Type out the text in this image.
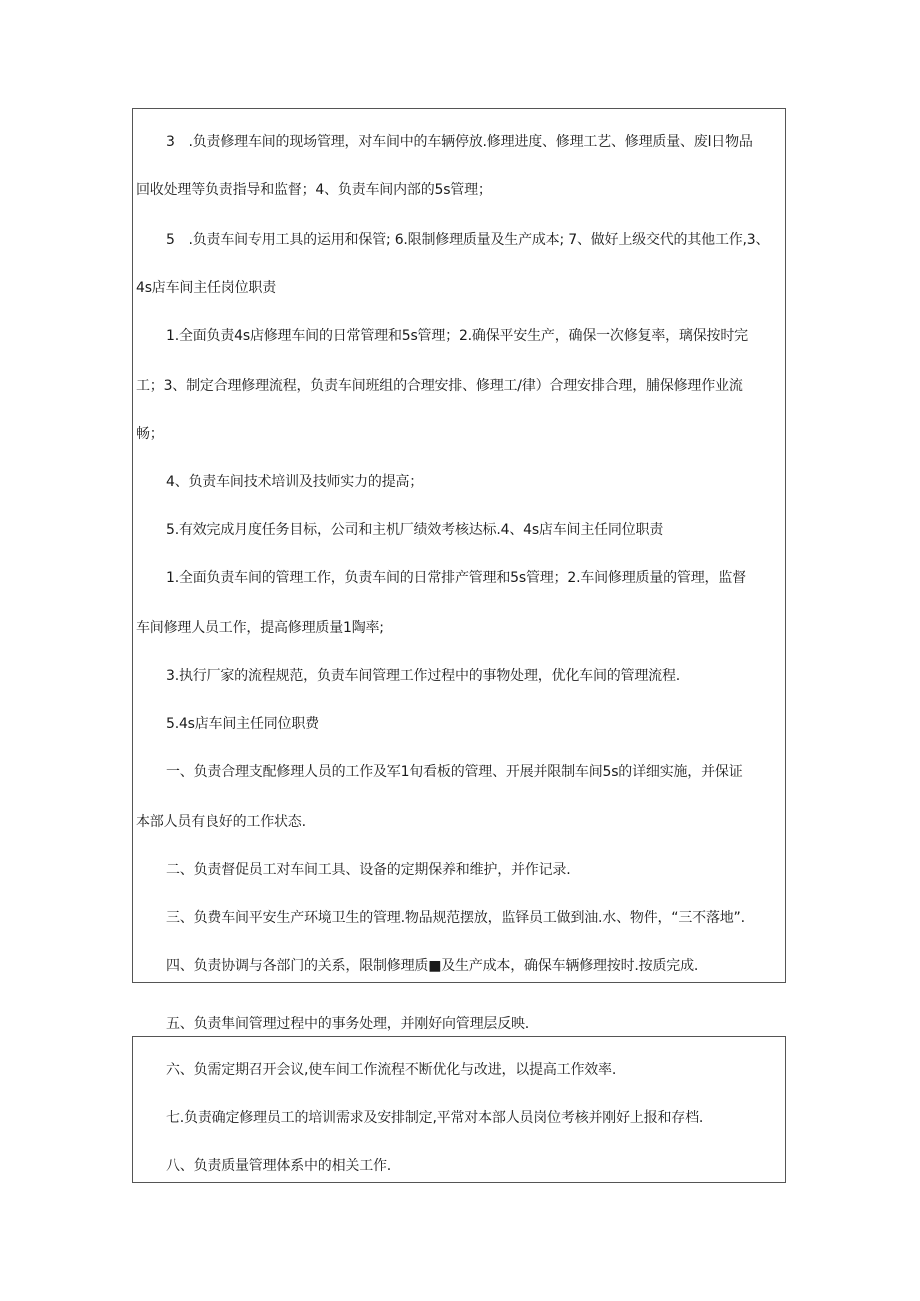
3　.负责修理车间的现场管理，对车间中的车辆停放.修理进度、修理工艺、修理质量、废l日物品
回收处理等负责指导和监督；4、负责车间内部的5s管理；
5　.负责车间专用工具的运用和保管; 6.限制修理质量及生产成本; 7、做好上级交代的其他工作,3、
4s店车间主任岗位职责
1.全面负责4s店修理车间的日常管理和5s管理；2.确保平安生产，确保一次修复率，璃保按时完
工；3、制定合理修理流程，负责车间班组的合理安排、修理工/律）合理安排合理，脯保修理作业流
畅；
4、负责车间技术培训及技师实力的提高；
5.有效完成月度任务目标，公司和主机厂绩效考核达标.4、4s店车间主任同位职责
1.全面负责车间的管理工作，负责车间的日常排产管理和5s管理；2.车间修理质量的管理，监督
车间修理人员工作，提高修理质量1陶率;
3.执行厂家的流程规范，负责车间管理工作过程中的事物处理，优化车间的管理流程.
5.4s店车间主任同位职费
一、负责合理支配修理人员的工作及军1旬看板的管理、开展并限制车间5s的详细实施，并保证
本部人员有良好的工作状态.
二、负责督促员工对车间工具、设备的定期保养和维护，并作记录.
三、负费车间平安生产环境卫生的管理.物品规范摆放，监铎员工做到油.水、物件，“三不落地”.
四、负责协调与各部门的关系，限制修理质■及生产成本，确保车辆修理按时.按质完成.
五、负责隼间管理过程中的事务处理，并刚好向管理层反映.
六、负需定期召开会议,使车间工作流程不断优化与改进，以提高工作效率.
七.负责确定修理员工的培训需求及安排制定,平常对本部人员岗位考核并刚好上报和存档.
八、负责质量管理体系中的相关工作.
